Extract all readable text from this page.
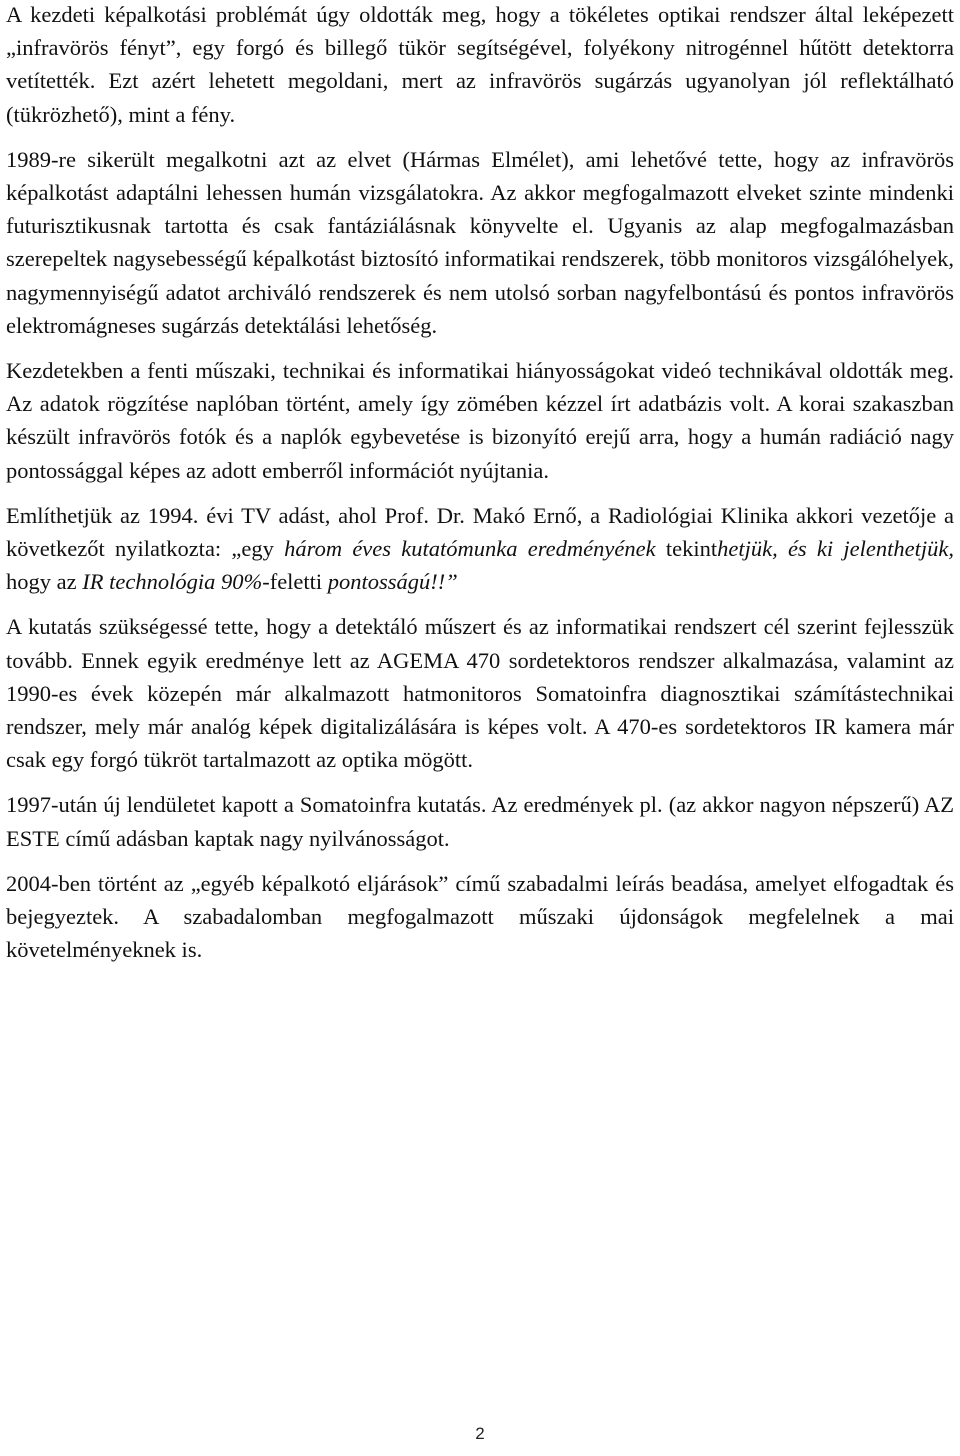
A kezdeti képalkotási problémát úgy oldották meg, hogy a tökéletes optikai rendszer által leképezett „infravörös fényt”, egy forgó és billegő tükör segítségével, folyékony nitrogénnel hűtött detektorra vetítették. Ezt azért lehetett megoldani, mert az infravörös sugárzás ugyanolyan jól reflektálható (tükrözhető), mint a fény.

1989-re sikerült megalkotni azt az elvet (Hármas Elmélet), ami lehetővé tette, hogy az infravörös képalkotást adaptálni lehessen humán vizsgálatokra. Az akkor megfogalmazott elveket szinte mindenki futurisztikusnak tartotta és csak fantáziálásnak könyvelte el. Ugyanis az alap megfogalmazásban szerepeltek nagysebességű képalkotást biztosító informatikai rendszerek, több monitoros vizsgálóhelyek, nagymennyiségű adatot archiváló rendszerek és nem utolsó sorban nagyfelbontású és pontos infravörös elektromágneses sugárzás detektálási lehetőség.

Kezdetekben a fenti műszaki, technikai és informatikai hiányosságokat videó technikával oldották meg. Az adatok rögzítése naplóban történt, amely így zömében kézzel írt adatbázis volt. A korai szakaszban készült infravörös fotók és a naplók egybevetése is bizonyító erejű arra, hogy a humán radiáció nagy pontossággal képes az adott emberről információt nyújtania.

Említhetjük az 1994. évi TV adást, ahol Prof. Dr. Makó Ernő, a Radiológiai Klinika akkori vezetője a következőt nyilatkozta: „egy három éves kutatómunka eredményének tekinthetjük, és ki jelenthetjük, hogy az IR technológia 90%-feletti pontosságú!!”

A kutatás szükségessé tette, hogy a detektáló műszert és az informatikai rendszert cél szerint fejlesszük tovább. Ennek egyik eredménye lett az AGEMA 470 sordetektoros rendszer alkalmazása, valamint az 1990-es évek közepén már alkalmazott hatmonitoros Somatoinfra diagnosztikai számítástechnikai rendszer, mely már analóg képek digitalizálására is képes volt. A 470-es sordetektoros IR kamera már csak egy forgó tükröt tartalmazott az optika mögött.

1997-után új lendületet kapott a Somatoinfra kutatás. Az eredmények pl. (az akkor nagyon népszerű) AZ ESTE című adásban kaptak nagy nyilvánosságot.

2004-ben történt az „egyéb képalkotó eljárások” című szabadalmi leírás beadása, amelyet elfogadtak és bejegyeztek. A szabadalomban megfogalmazott műszaki újdonságok megfelelnek a mai követelményeknek is.

2
